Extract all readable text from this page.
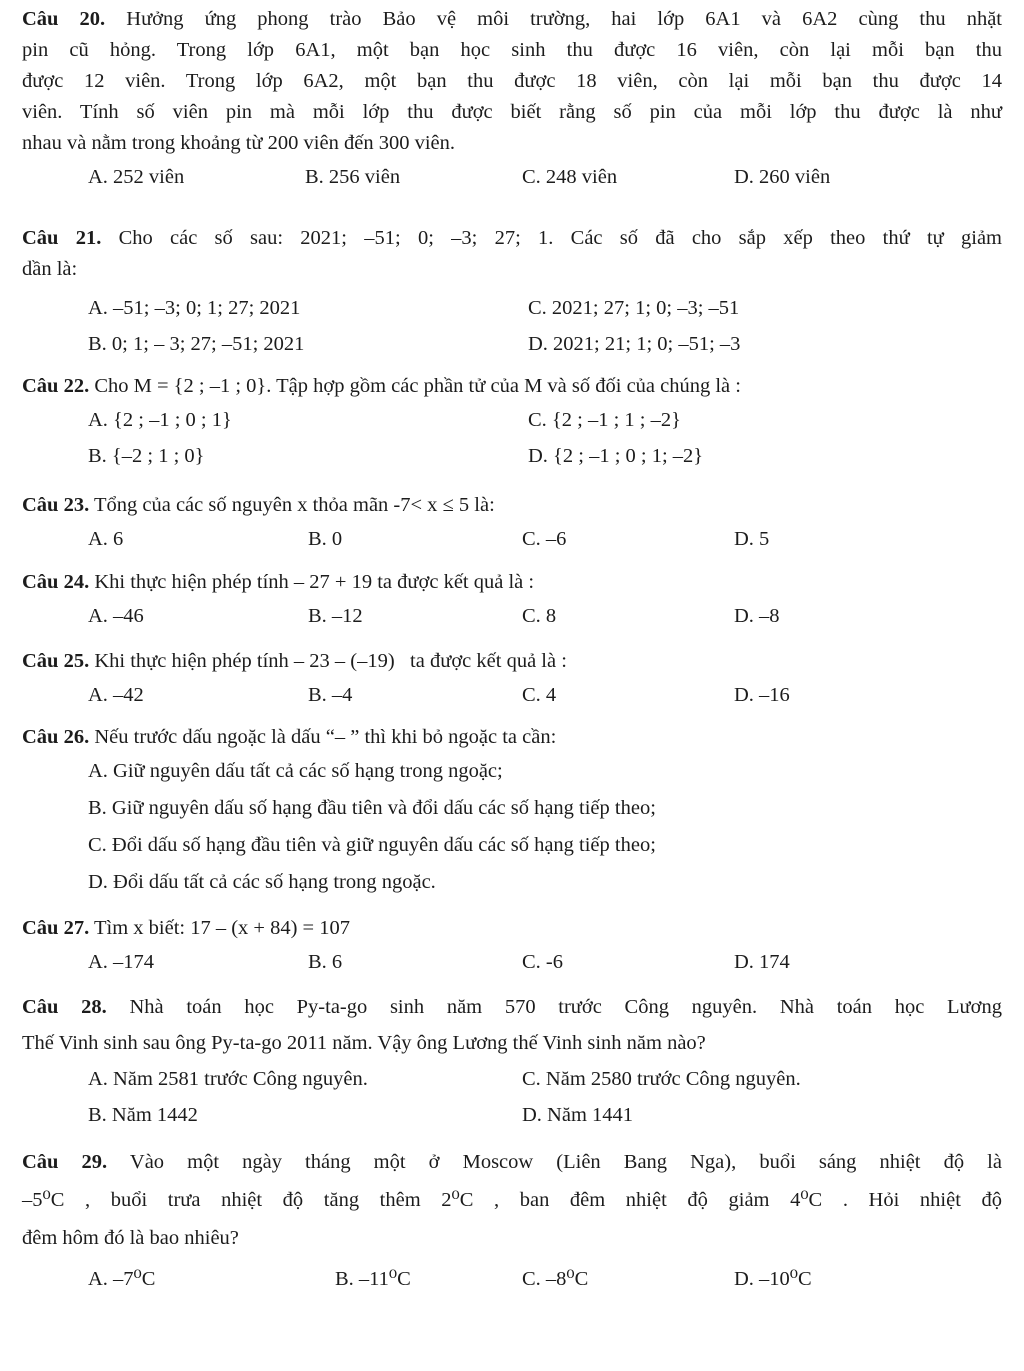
Câu 20. Hưởng ứng phong trào Bảo vệ môi trường, hai lớp 6A1 và 6A2 cùng thu nhặt
pin cũ hỏng. Trong lớp 6A1, một bạn học sinh thu được 16 viên, còn lại mỗi bạn thu
được 12 viên. Trong lớp 6A2, một bạn thu được 18 viên, còn lại mỗi bạn thu được 14
viên. Tính số viên pin mà mỗi lớp thu được biết rằng số pin của mỗi lớp thu được là như
nhau và nằm trong khoảng từ 200 viên đến 300 viên.
A. 252 viên	B. 256 viên	C. 248 viên	D. 260 viên
Câu 21. Cho các số sau: 2021; –51; 0; –3; 27; 1. Các số đã cho sắp xếp theo thứ tự giảm
dần là:
A. –51; –3; 0; 1; 27; 2021	C. 2021; 27; 1; 0; –3; –51
B. 0; 1; – 3; 27; –51; 2021	D. 2021; 21; 1; 0; –51; –3
Câu 22. Cho M = {2 ; –1 ; 0}. Tập hợp gồm các phần tử của M và số đối của chúng là :
A. {2 ; –1 ; 0 ; 1}	C. {2 ; –1 ; 1 ; –2}
B. {–2 ; 1 ; 0}	D. {2 ; –1 ; 0 ; 1; –2}
Câu 23. Tổng của các số nguyên x thỏa mãn -7< x ≤ 5 là:
A. 6	B. 0	C. –6	D. 5
Câu 24. Khi thực hiện phép tính – 27 + 19 ta được kết quả là :
A. –46	B. –12	C. 8	D. –8
Câu 25. Khi thực hiện phép tính – 23 – (–19)   ta được kết quả là :
A. –42	B. –4	C. 4	D. –16
Câu 26. Nếu trước dấu ngoặc là dấu “– ” thì khi bỏ ngoặc ta cần:
A. Giữ nguyên dấu tất cả các số hạng trong ngoặc;
B. Giữ nguyên dấu số hạng đầu tiên và đổi dấu các số hạng tiếp theo;
C. Đổi dấu số hạng đầu tiên và giữ nguyên dấu các số hạng tiếp theo;
D. Đổi dấu tất cả các số hạng trong ngoặc.
Câu 27. Tìm x biết: 17 – (x + 84) = 107
A. –174	B. 6	C. -6	D. 174
Câu 28. Nhà toán học Py-ta-go sinh năm 570 trước Công nguyên. Nhà toán học Lương
Thế Vinh sinh sau ông Py-ta-go 2011 năm. Vậy ông Lương thế Vinh sinh năm nào?
A. Năm 2581 trước Công nguyên.	C. Năm 2580 trước Công nguyên.
B. Năm 1442	D. Năm 1441
Câu 29. Vào một ngày tháng một ở Moscow (Liên Bang Nga), buổi sáng nhiệt độ là
–5⁰C , buổi trưa nhiệt độ tăng thêm 2⁰C , ban đêm nhiệt độ giảm 4⁰C . Hỏi nhiệt độ
đêm hôm đó là bao nhiêu?
A. –7⁰C	B. –11⁰C	C. –8⁰C	D. –10⁰C
